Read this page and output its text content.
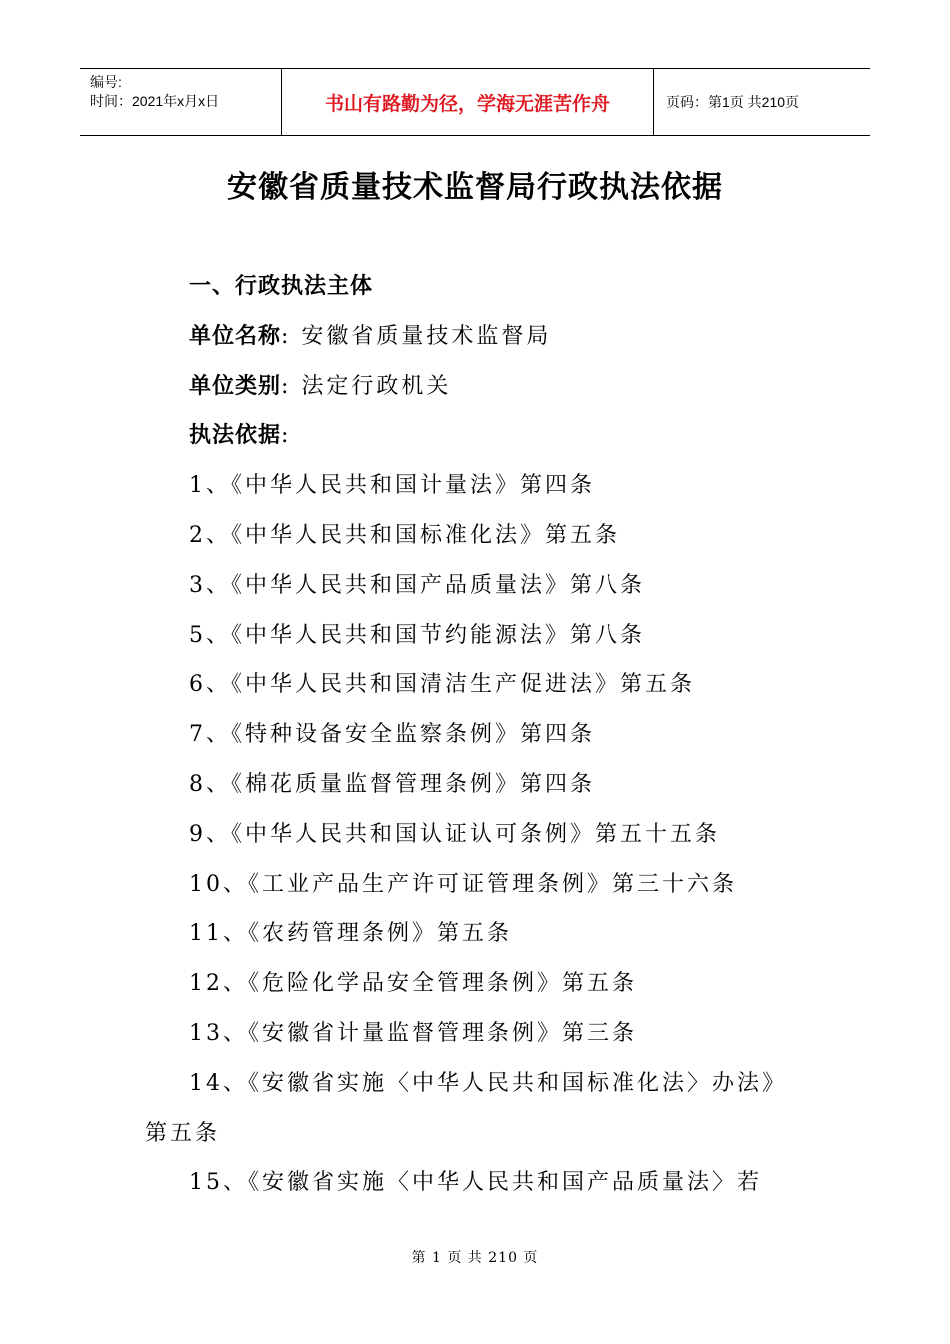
编号:
时间：2021年x月x日	书山有路勤为径，学海无涯苦作舟	页码：第1页 共210页
安徽省质量技术监督局行政执法依据

一、行政执法主体

单位名称: 安徽省质量技术监督局

单位类别: 法定行政机关

执法依据:

1、《中华人民共和国计量法》第四条

2、《中华人民共和国标准化法》第五条

3、《中华人民共和国产品质量法》第八条

5、《中华人民共和国节约能源法》第八条

6、《中华人民共和国清洁生产促进法》第五条

7、《特种设备安全监察条例》第四条

8、《棉花质量监督管理条例》第四条

9、《中华人民共和国认证认可条例》第五十五条

10、《工业产品生产许可证管理条例》第三十六条

11、《农药管理条例》第五条

12、《危险化学品安全管理条例》第五条

13、《安徽省计量监督管理条例》第三条

14、《安徽省实施〈中华人民共和国标准化法〉办法》第五条

15、《安徽省实施〈中华人民共和国产品质量法〉若

第 1 页 共 210 页
